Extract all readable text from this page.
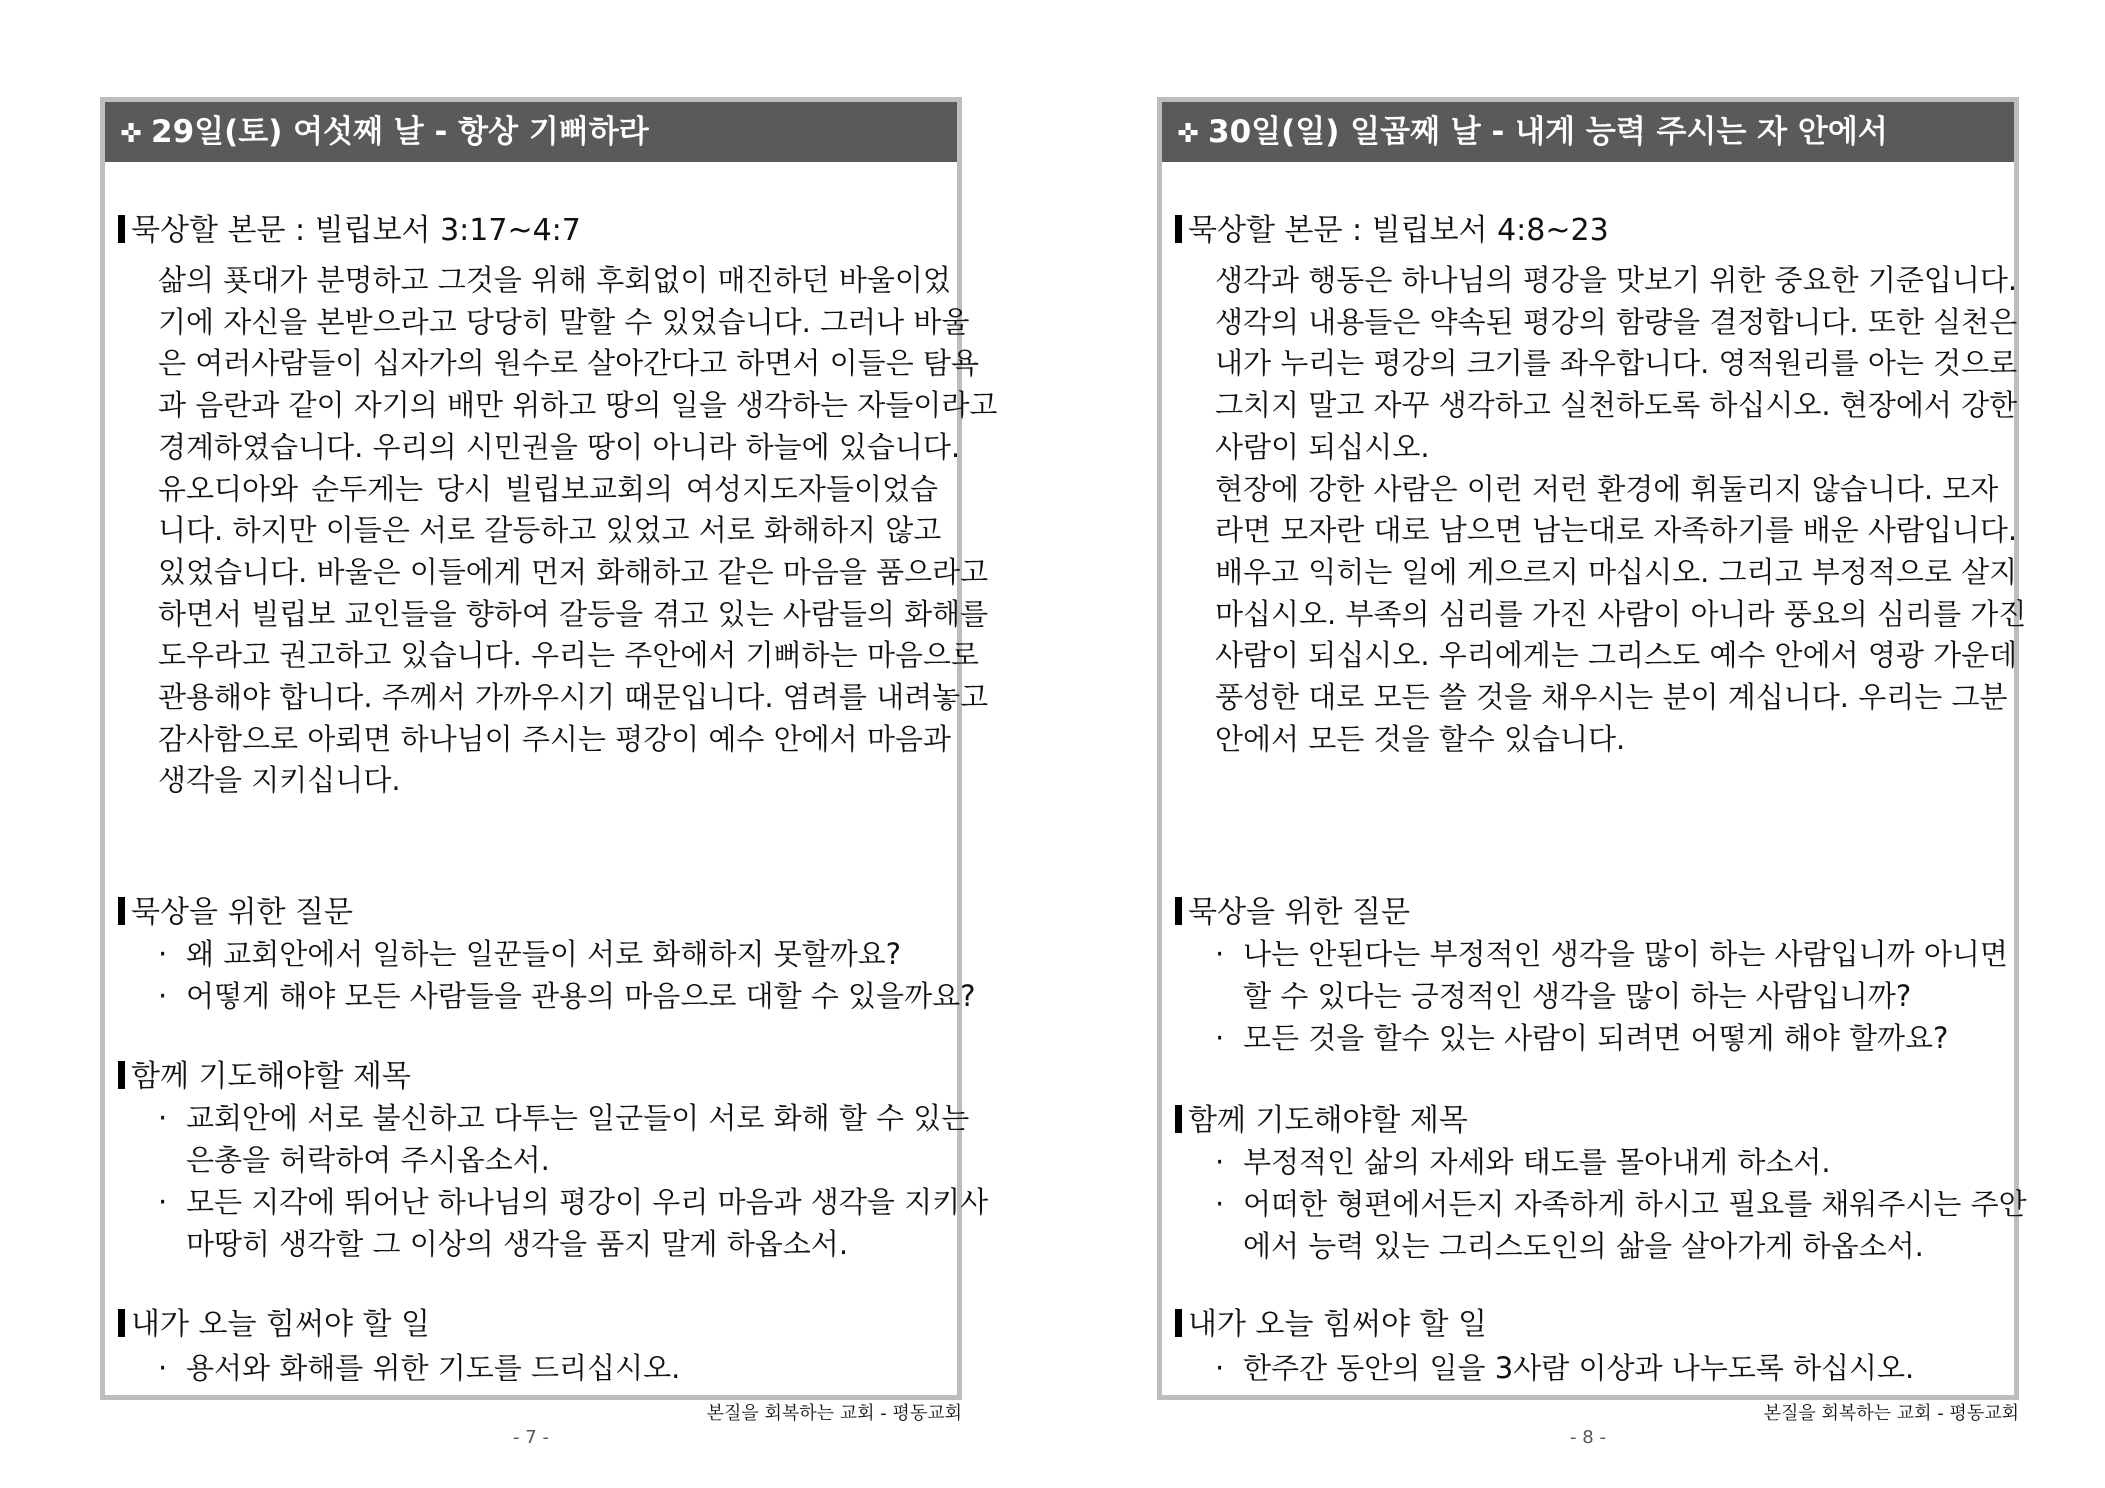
✜ 29일(토) 여섯째 날 - 항상 기뻐하라
묵상할 본문 : 빌립보서 3:17~4:7

삶의 푯대가 분명하고 그것을 위해 후회없이 매진하던 바울이었

기에 자신을 본받으라고 당당히 말할 수 있었습니다. 그러나 바울

은 여러사람들이 십자가의 원수로 살아간다고 하면서 이들은 탐욕

과 음란과 같이 자기의 배만 위하고 땅의 일을 생각하는 자들이라고

경계하였습니다. 우리의 시민권을 땅이 아니라 하늘에 있습니다.

유오디아와 순두게는 당시 빌립보교회의 여성지도자들이었습

니다. 하지만 이들은 서로 갈등하고 있었고 서로 화해하지 않고

있었습니다. 바울은 이들에게 먼저 화해하고 같은 마음을 품으라고

하면서 빌립보 교인들을 향하여 갈등을 겪고 있는 사람들의 화해를

도우라고 권고하고 있습니다. 우리는 주안에서 기뻐하는 마음으로

관용해야 합니다. 주께서 가까우시기 때문입니다. 염려를 내려놓고

감사함으로 아뢰면 하나님이 주시는 평강이 예수 안에서 마음과

생각을 지키십니다.

묵상을 위한 질문
· 왜 교회안에서 일하는 일꾼들이 서로 화해하지 못할까요?

· 어떻게 해야 모든 사람들을 관용의 마음으로 대할 수 있을까요?

함께 기도해야할 제목
· 교회안에 서로 불신하고 다투는 일군들이 서로 화해 할 수 있는

은총을 허락하여 주시옵소서.

· 모든 지각에 뛰어난 하나님의 평강이 우리 마음과 생각을 지키사

마땅히 생각할 그 이상의 생각을 품지 말게 하옵소서.

내가 오늘 힘써야 할 일
· 용서와 화해를 위한 기도를 드리십시오.

본질을 회복하는 교회 - 평동교회
- 7 -
✜ 30일(일) 일곱째 날 - 내게 능력 주시는 자 안에서
묵상할 본문 : 빌립보서 4:8~23

생각과 행동은 하나님의 평강을 맛보기 위한 중요한 기준입니다.

생각의 내용들은 약속된 평강의 함량을 결정합니다. 또한 실천은

내가 누리는 평강의 크기를 좌우합니다. 영적원리를 아는 것으로

그치지 말고 자꾸 생각하고 실천하도록 하십시오. 현장에서 강한

사람이 되십시오.

현장에 강한 사람은 이런 저런 환경에 휘둘리지 않습니다. 모자

라면 모자란 대로 남으면 남는대로 자족하기를 배운 사람입니다.

배우고 익히는 일에 게으르지 마십시오. 그리고 부정적으로 살지

마십시오. 부족의 심리를 가진 사람이 아니라 풍요의 심리를 가진

사람이 되십시오. 우리에게는 그리스도 예수 안에서 영광 가운데

풍성한 대로 모든 쓸 것을 채우시는 분이 계십니다. 우리는 그분

안에서 모든 것을 할수 있습니다.

묵상을 위한 질문
· 나는 안된다는 부정적인 생각을 많이 하는 사람입니까 아니면

할 수 있다는 긍정적인 생각을 많이 하는 사람입니까?

· 모든 것을 할수 있는 사람이 되려면 어떻게 해야 할까요?

함께 기도해야할 제목
· 부정적인 삶의 자세와 태도를 몰아내게 하소서.

· 어떠한 형편에서든지 자족하게 하시고 필요를 채워주시는 주안

에서 능력 있는 그리스도인의 삶을 살아가게 하옵소서.

내가 오늘 힘써야 할 일
· 한주간 동안의 일을 3사람 이상과 나누도록 하십시오.

본질을 회복하는 교회 - 평동교회
- 8 -
